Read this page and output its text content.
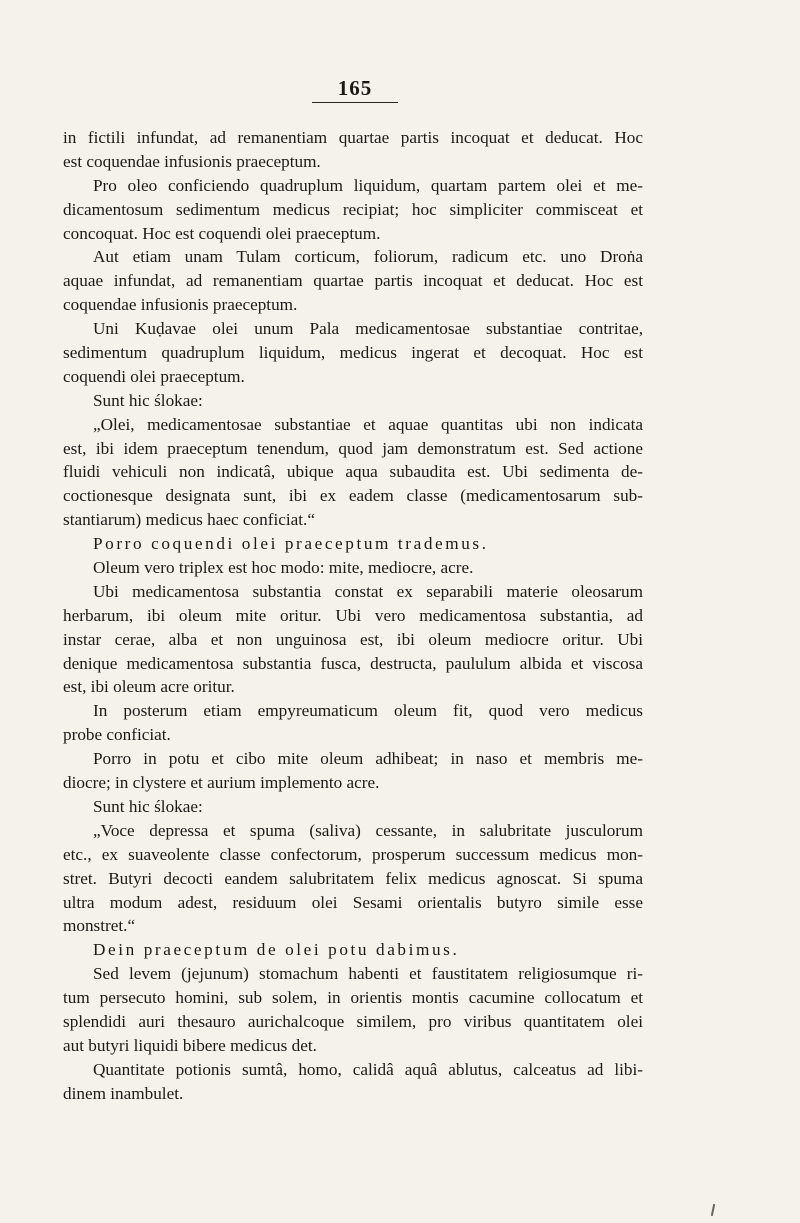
165
in fictili infundat, ad remanentiam quartae partis incoquat et deducat. Hoc
est coquendae infusionis praeceptum.
Pro oleo conficiendo quadruplum liquidum, quartam partem olei et me-
dicamentosum sedimentum medicus recipiat; hoc simpliciter commisceat et
concoquat. Hoc est coquendi olei praeceptum.
Aut etiam unam Tulam corticum, foliorum, radicum etc. uno Droṅa
aquae infundat, ad remanentiam quartae partis incoquat et deducat. Hoc est
coquendae infusionis praeceptum.
Uni Kuḍavae olei unum Pala medicamentosae substantiae contritae,
sedimentum quadruplum liquidum, medicus ingerat et decoquat. Hoc est
coquendi olei praeceptum.
Sunt hic ślokae:
„Olei, medicamentosae substantiae et aquae quantitas ubi non indicata
est, ibi idem praeceptum tenendum, quod jam demonstratum est. Sed actione
fluidi vehiculi non indicatâ, ubique aqua subaudita est. Ubi sedimenta de-
coctionesque designata sunt, ibi ex eadem classe (medicamentosarum sub-
stantiarum) medicus haec conficiat.“
Porro coquendi olei praeceptum trademus.
Oleum vero triplex est hoc modo: mite, mediocre, acre.
Ubi medicamentosa substantia constat ex separabili materie oleosarum
herbarum, ibi oleum mite oritur. Ubi vero medicamentosa substantia, ad
instar cerae, alba et non unguinosa est, ibi oleum mediocre oritur. Ubi
denique medicamentosa substantia fusca, destructa, paululum albida et viscosa
est, ibi oleum acre oritur.
In posterum etiam empyreumaticum oleum fit, quod vero medicus
probe conficiat.
Porro in potu et cibo mite oleum adhibeat; in naso et membris me-
diocre; in clystere et aurium implemento acre.
Sunt hic ślokae:
„Voce depressa et spuma (saliva) cessante, in salubritate jusculorum
etc., ex suaveolente classe confectorum, prosperum successum medicus mon-
stret. Butyri decocti eandem salubritatem felix medicus agnoscat. Si spuma
ultra modum adest, residuum olei Sesami orientalis butyro simile esse
monstret.“
Dein praeceptum de olei potu dabimus.
Sed levem (jejunum) stomachum habenti et faustitatem religiosumque ri-
tum persecuto homini, sub solem, in orientis montis cacumine collocatum et
splendidi auri thesauro aurichalcoque similem, pro viribus quantitatem olei
aut butyri liquidi bibere medicus det.
Quantitate potionis sumtâ, homo, calidâ aquâ ablutus, calceatus ad libi-
dinem inambulet.
